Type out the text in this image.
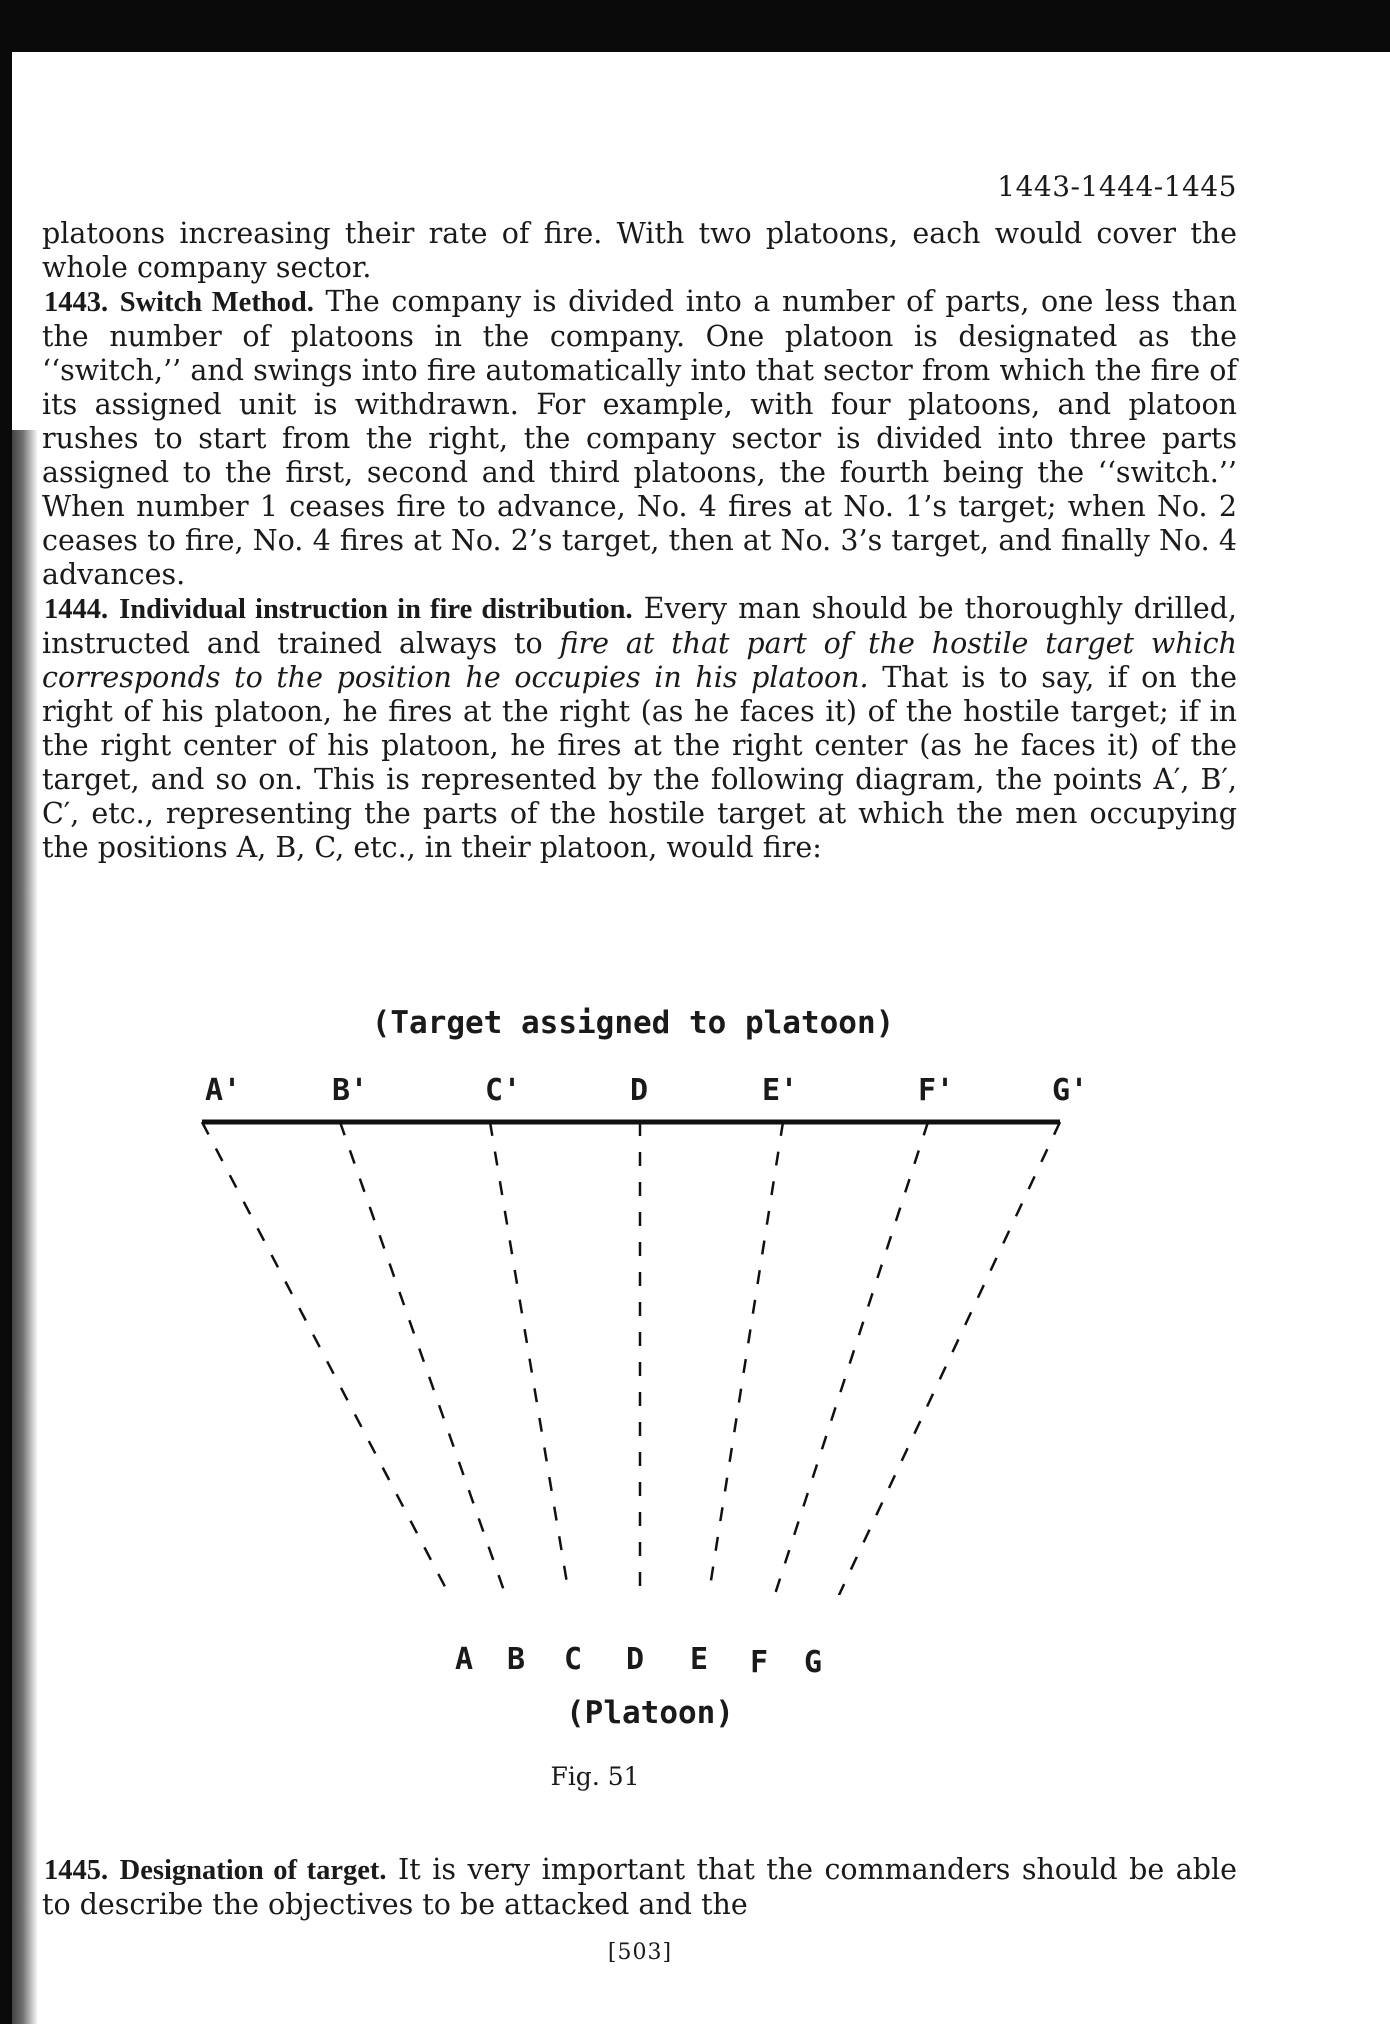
1443-1444-1445

platoons increasing their rate of fire. With two platoons, each would cover the whole company sector.

1443. Switch Method. The company is divided into a number of parts, one less than the number of platoons in the company. One platoon is designated as the ‘‘switch,’’ and swings into fire automatically into that sector from which the fire of its assigned unit is withdrawn. For example, with four platoons, and platoon rushes to start from the right, the company sector is divided into three parts assigned to the first, second and third platoons, the fourth being the ‘‘switch.’’ When number 1 ceases fire to advance, No. 4 fires at No. 1’s target; when No. 2 ceases to fire, No. 4 fires at No. 2’s target, then at No. 3’s target, and finally No. 4 advances.

1444. Individual instruction in fire distribution. Every man should be thoroughly drilled, instructed and trained always to fire at that part of the hostile target which corresponds to the position he occupies in his platoon. That is to say, if on the right of his platoon, he fires at the right (as he faces it) of the hostile target; if in the right center of his platoon, he fires at the right center (as he faces it) of the target, and so on. This is represented by the following diagram, the points A′, B′, C′, etc., representing the parts of the hostile target at which the men occupying the positions A, B, C, etc., in their platoon, would fire:

(Target assigned to platoon)
A'	B'	C'	D	E'	F'	G'
A B C D E F G
(Platoon)
Fig. 51

1445. Designation of target. It is very important that the commanders should be able to describe the objectives to be attacked and the

[503]
